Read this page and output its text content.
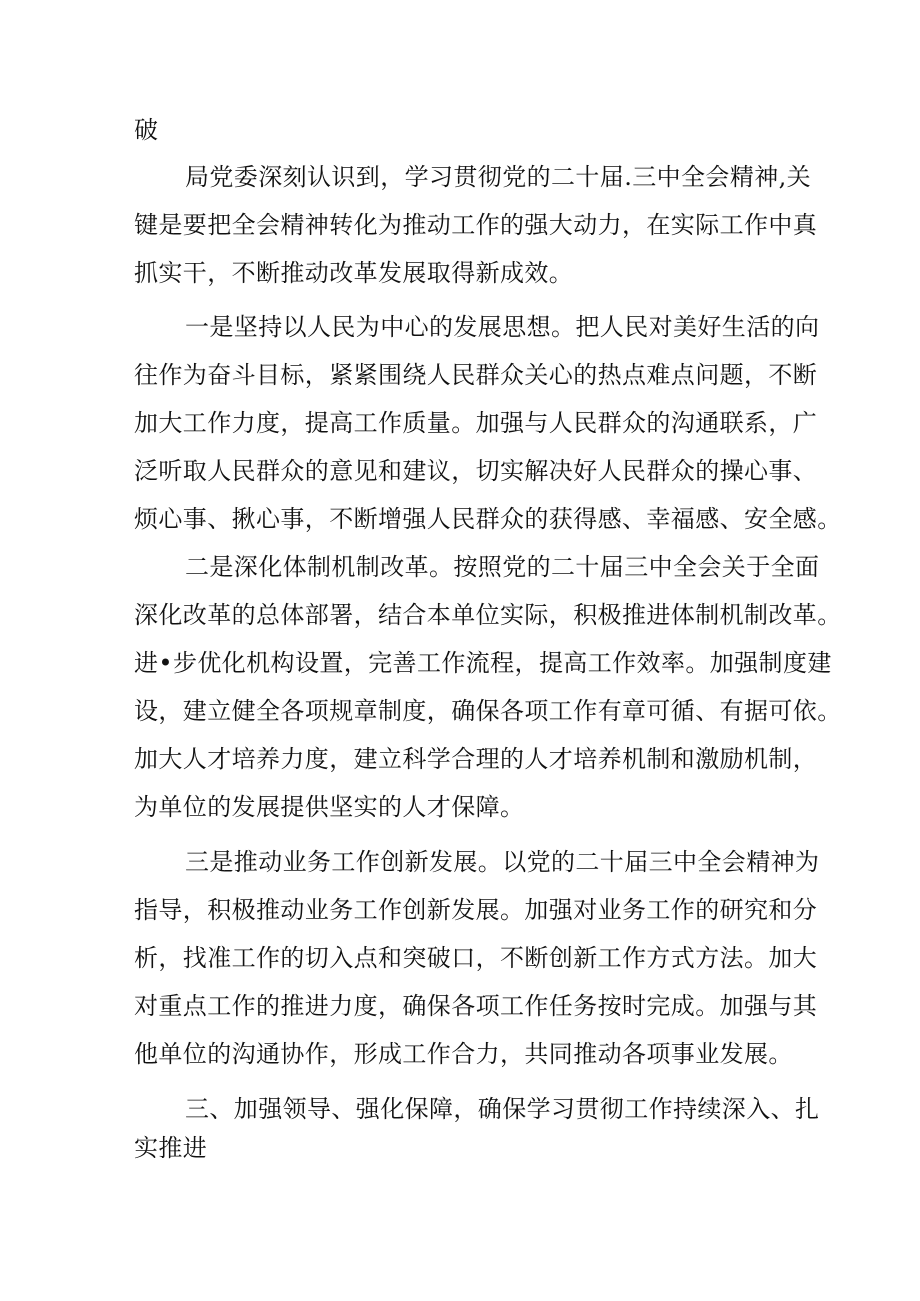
破

局党委深刻认识到，学习贯彻党的二十届.三中全会精神,关

键是要把全会精神转化为推动工作的强大动力，在实际工作中真

抓实干，不断推动改革发展取得新成效。

一是坚持以人民为中心的发展思想。把人民对美好生活的向

往作为奋斗目标，紧紧围绕人民群众关心的热点难点问题，不断

加大工作力度，提高工作质量。加强与人民群众的沟通联系，广

泛听取人民群众的意见和建议，切实解决好人民群众的操心事、

烦心事、揪心事，不断增强人民群众的获得感、幸福感、安全感。

二是深化体制机制改革。按照党的二十届三中全会关于全面

深化改革的总体部署，结合本单位实际，积极推进体制机制改革。

进•步优化机构设置，完善工作流程，提高工作效率。加强制度建

设，建立健全各项规章制度，确保各项工作有章可循、有据可依。

加大人才培养力度，建立科学合理的人才培养机制和激励机制，

为单位的发展提供坚实的人才保障。

三是推动业务工作创新发展。以党的二十届三中全会精神为

指导，积极推动业务工作创新发展。加强对业务工作的研究和分

析，找准工作的切入点和突破口，不断创新工作方式方法。加大

对重点工作的推进力度，确保各项工作任务按时完成。加强与其

他单位的沟通协作，形成工作合力，共同推动各项事业发展。

三、加强领导、强化保障，确保学习贯彻工作持续深入、扎

实推进
